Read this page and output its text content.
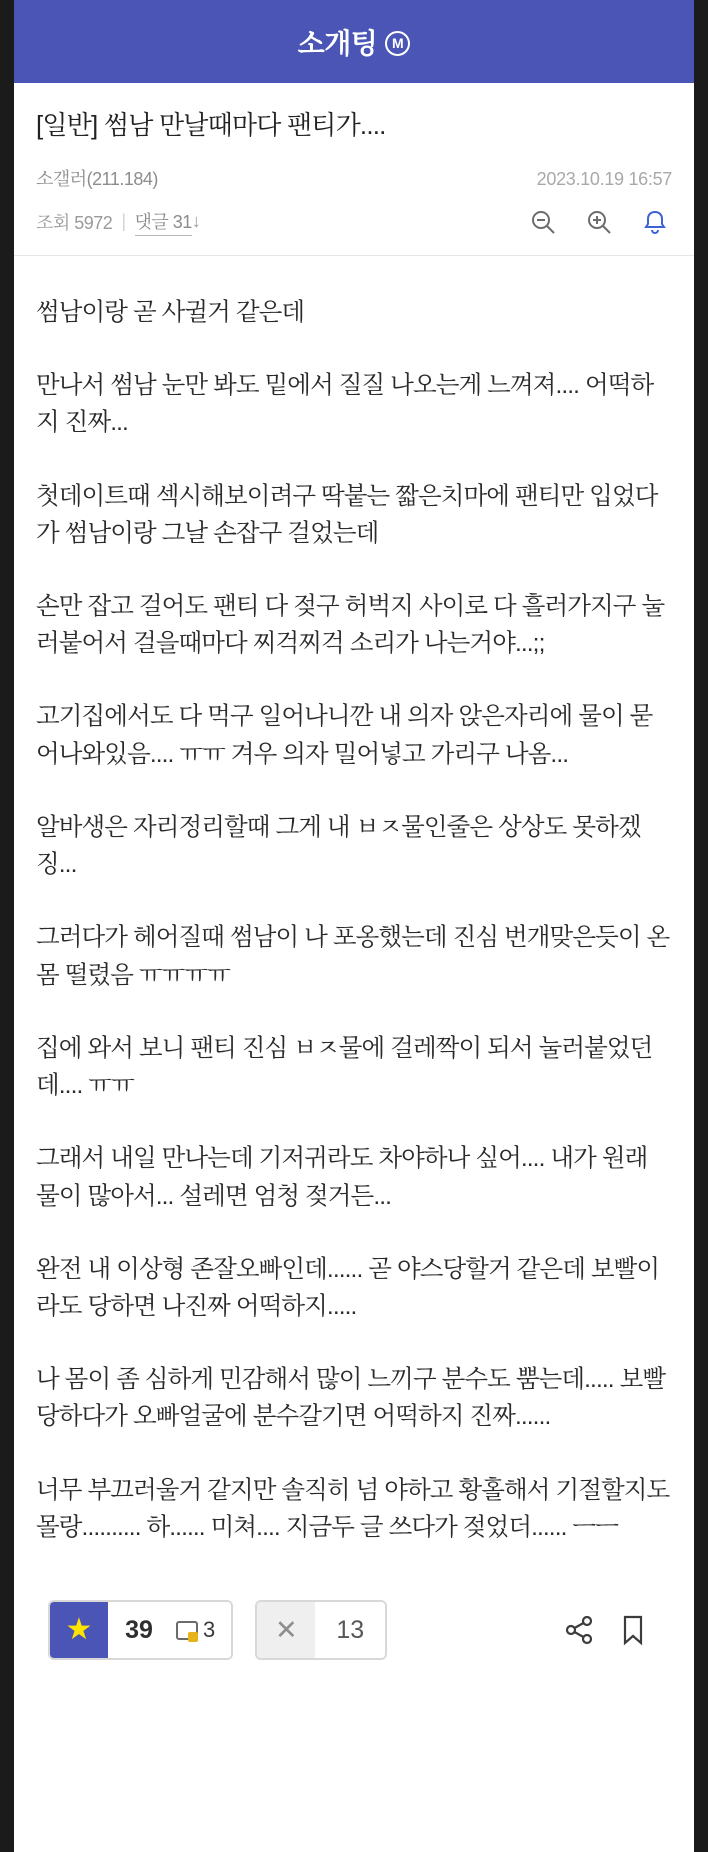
소개팅	M
[일반] 썸남 만날때마다 팬티가....
소갤러(211.184)	2023.10.19 16:57
조회 5972 | 댓글 31 ↓

썸남이랑 곧 사귈거 같은데

만나서 썸남 눈만 봐도 밑에서 질질 나오는게 느껴져.... 어떡하지 진짜...

첫데이트때 섹시해보이려구 딱붙는 짧은치마에 팬티만 입었다가 썸남이랑 그날 손잡구 걸었는데

손만 잡고 걸어도 팬티 다 젖구 허벅지 사이로 다 흘러가지구 눌러붙어서 걸을때마다 찌걱찌걱 소리가 나는거야...;;

고기집에서도 다 먹구 일어나니깐 내 의자 앉은자리에 물이 묻어나와있음.... ㅠㅠ 겨우 의자 밀어넣고 가리구 나옴...

알바생은 자리정리할때 그게 내 ㅂㅈ물인줄은 상상도 못하겠징...

그러다가 헤어질때 썸남이 나 포옹했는데 진심 번개맞은듯이 온몸 떨렸음 ㅠㅠㅠㅠ

집에 와서 보니 팬티 진심 ㅂㅈ물에 걸레짝이 되서 눌러붙었던데.... ㅠㅠ

그래서 내일 만나는데 기저귀라도 차야하나 싶어.... 내가 원래 물이 많아서... 설레면 엄청 젖거든...

완전 내 이상형 존잘오빠인데...... 곧 야스당할거 같은데 보빨이라도 당하면 나진짜 어떡하지.....

나 몸이 좀 심하게 민감해서 많이 느끼구 분수도 뿜는데..... 보빨당하다가 오빠얼굴에 분수갈기면 어떡하지 진짜......

너무 부끄러울거 같지만 솔직히 넘 야하고 황홀해서 기절할지도 몰랑.......... 하...... 미쳐.... 지금두 글 쓰다가 젖었더...... ㅡㅡ

★	39	3	✕	13
